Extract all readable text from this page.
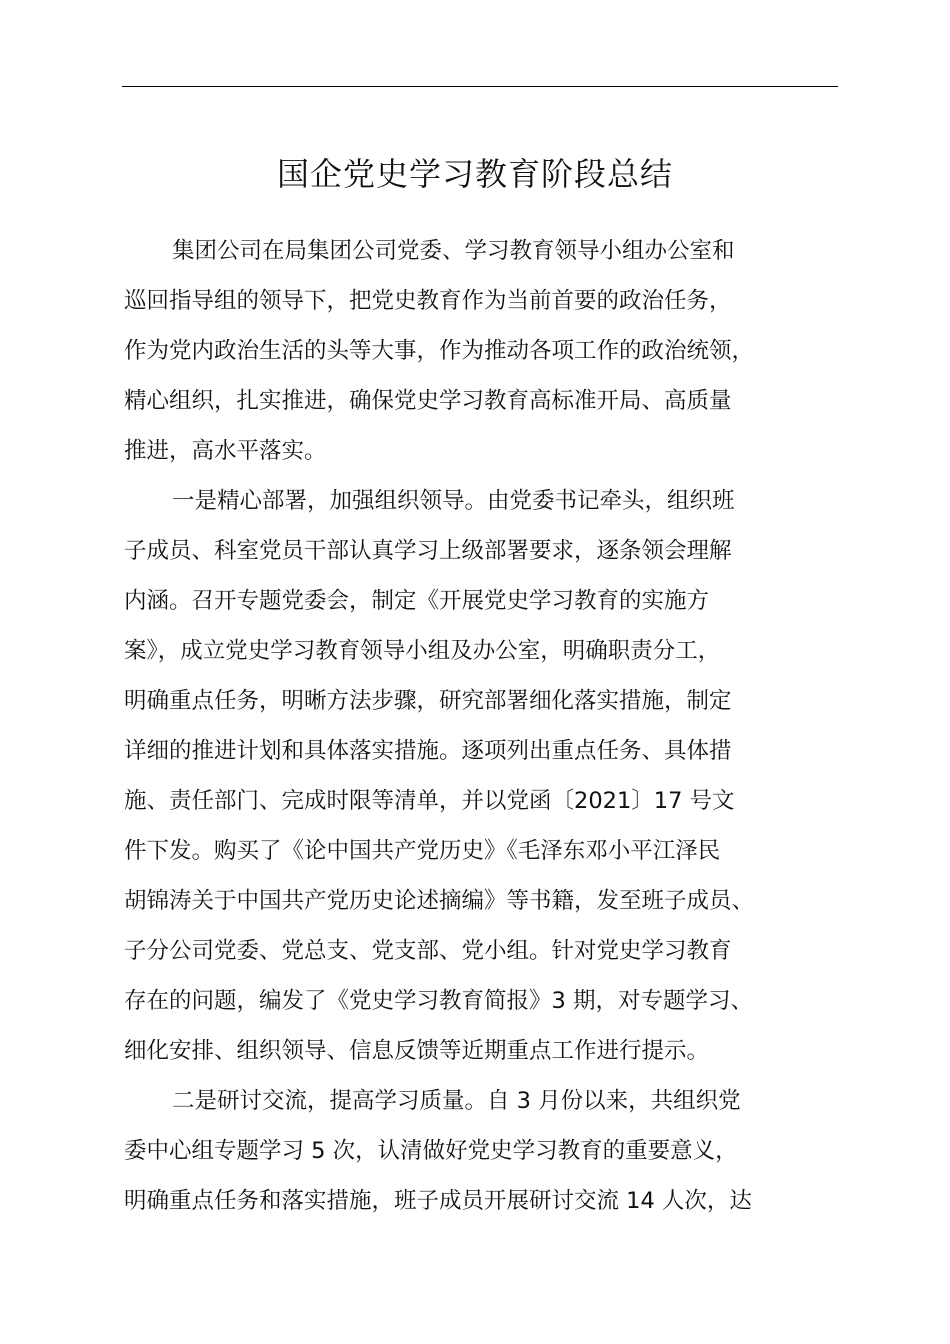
国企党史学习教育阶段总结
集团公司在局集团公司党委、学习教育领导小组办公室和
巡回指导组的领导下，把党史教育作为当前首要的政治任务，
作为党内政治生活的头等大事，作为推动各项工作的政治统领，
精心组织，扎实推进，确保党史学习教育高标准开局、高质量
推进，高水平落实。
一是精心部署，加强组织领导。由党委书记牵头，组织班
子成员、科室党员干部认真学习上级部署要求，逐条领会理解
内涵。召开专题党委会，制定《开展党史学习教育的实施方
案》，成立党史学习教育领导小组及办公室，明确职责分工，
明确重点任务，明晰方法步骤，研究部署细化落实措施，制定
详细的推进计划和具体落实措施。逐项列出重点任务、具体措
施、责任部门、完成时限等清单，并以党函〔2021〕17 号文
件下发。购买了《论中国共产党历史》《毛泽东邓小平江泽民
胡锦涛关于中国共产党历史论述摘编》等书籍，发至班子成员、
子分公司党委、党总支、党支部、党小组。针对党史学习教育
存在的问题，编发了《党史学习教育简报》3 期，对专题学习、
细化安排、组织领导、信息反馈等近期重点工作进行提示。
二是研讨交流，提高学习质量。自 3 月份以来，共组织党
委中心组专题学习 5 次，认清做好党史学习教育的重要意义，
明确重点任务和落实措施，班子成员开展研讨交流 14 人次，达
